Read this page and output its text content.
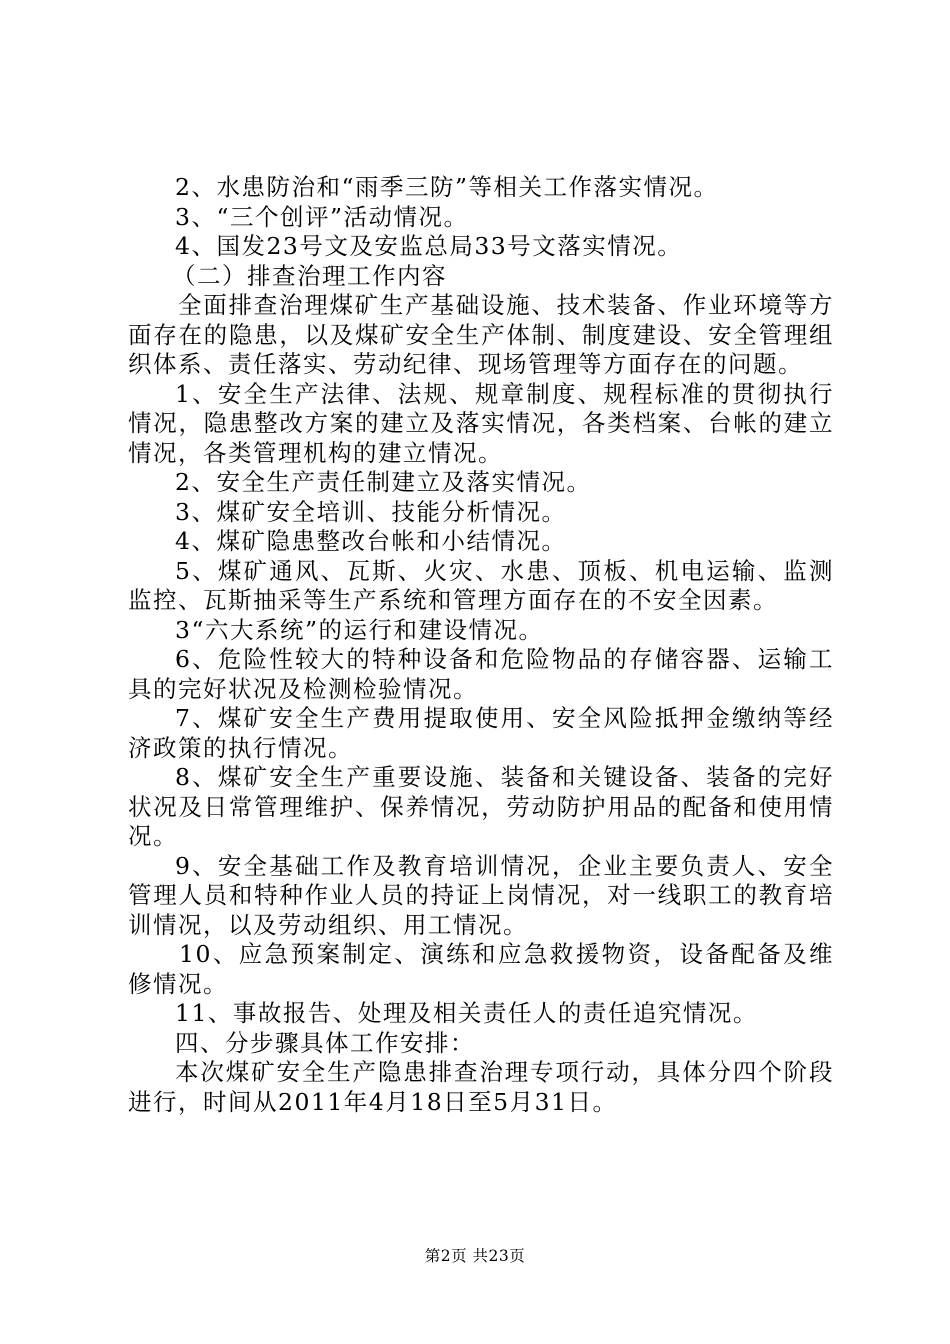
2、水患防治和“雨季三防”等相关工作落实情况。

3、“三个创评”活动情况。

4、国发23号文及安监总局33号文落实情况。

（二）排查治理工作内容

全面排查治理煤矿生产基础设施、技术装备、作业环境等方面存在的隐患，以及煤矿安全生产体制、制度建设、安全管理组织体系、责任落实、劳动纪律、现场管理等方面存在的问题。

1、安全生产法律、法规、规章制度、规程标准的贯彻执行情况，隐患整改方案的建立及落实情况，各类档案、台帐的建立情况，各类管理机构的建立情况。

2、安全生产责任制建立及落实情况。

3、煤矿安全培训、技能分析情况。

4、煤矿隐患整改台帐和小结情况。

5、煤矿通风、瓦斯、火灾、水患、顶板、机电运输、监测监控、瓦斯抽采等生产系统和管理方面存在的不安全因素。

3“六大系统”的运行和建设情况。

6、危险性较大的特种设备和危险物品的存储容器、运输工具的完好状况及检测检验情况。

7、煤矿安全生产费用提取使用、安全风险抵押金缴纳等经济政策的执行情况。

8、煤矿安全生产重要设施、装备和关键设备、装备的完好状况及日常管理维护、保养情况，劳动防护用品的配备和使用情况。

9、安全基础工作及教育培训情况，企业主要负责人、安全管理人员和特种作业人员的持证上岗情况，对一线职工的教育培训情况，以及劳动组织、用工情况。

10、应急预案制定、演练和应急救援物资，设备配备及维修情况。

11、事故报告、处理及相关责任人的责任追究情况。

四、分步骤具体工作安排：

本次煤矿安全生产隐患排查治理专项行动，具体分四个阶段进行，时间从2011年4月18日至5月31日。

第2页 共23页
